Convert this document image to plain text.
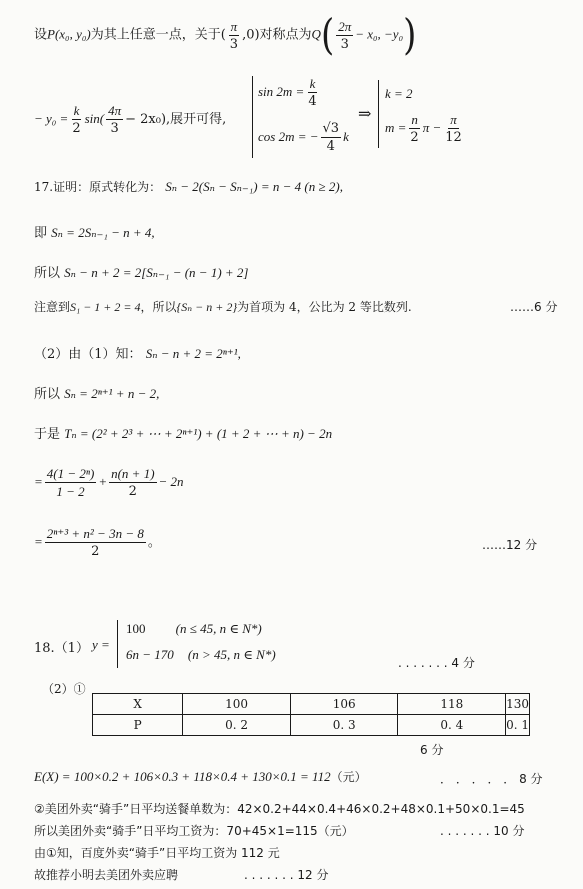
设P(x₀, y₀)为其上任意一点，关于( $\frac{\pi}{3} ,0$)对称点为$Q( \frac{2\pi}{3} - x_0$, −y₀)
− $y_0 = \frac{k}{2} \sin( \frac{4\pi}{3} - 2x_0)$,展开可得,
$\sin 2m = \frac{k}{4}$
cos 2m = − $\frac{√3}{4}$ k
⇒
k = 2
$m = \frac{n}{2}$ $\pi - \frac{\pi}{12}$
17.证明：原式转化为： Sₙ − 2(Sₙ − Sₙ₋₁) = n − 4 (n ≥ 2),
即 Sₙ = 2Sₙ₋₁ − n + 4,
所以 Sₙ − n + 2 = 2[Sₙ₋₁ − (n − 1) + 2]
注意到S₁ − 1 + 2 = 4，所以{Sₙ − n + 2}为首项为 4，公比为 2 等比数列.	……6 分
（2）由（1）知： Sₙ − n + 2 = 2ⁿ⁺¹,
所以 Sₙ = 2ⁿ⁺¹ + n − 2,
于是 Tₙ = (2² + 2³ + ⋯ + 2ⁿ⁺¹) + (1 + 2 + ⋯ + n) − 2n
= $\frac{\text{4(1 − 2ⁿ)}}{1 - 2} + \frac{n(n + 1)}{2} - 2n$
= $\frac{\text{2ⁿ⁺³ + n² − 3n − 8}}{2}$ 。	……12 分
18.（1） y =
100 (n ≤ 45, n ∈ N*)
6n − 170 (n > 45, n ∈ N*)
. . . . . . . 4 分
（2）①
X	100	106	118	130
P	0. 2	0. 3	0. 4	0. 1
6 分
E(X) = 100×0.2 + 106×0.3 + 118×0.4 + 130×0.1 = 112（元）	． ． ． ． ． 8 分
②美团外卖“骑手”日平均送餐单数为：42×0.2+44×0.4+46×0.2+48×0.1+50×0.1=45
所以美团外卖“骑手”日平均工资为：70+45×1=115（元）	. . . . . . . 10 分
由①知，百度外卖“骑手”日平均工资为 112 元
故推荐小明去美团外卖应聘	. . . . . . . 12 分
